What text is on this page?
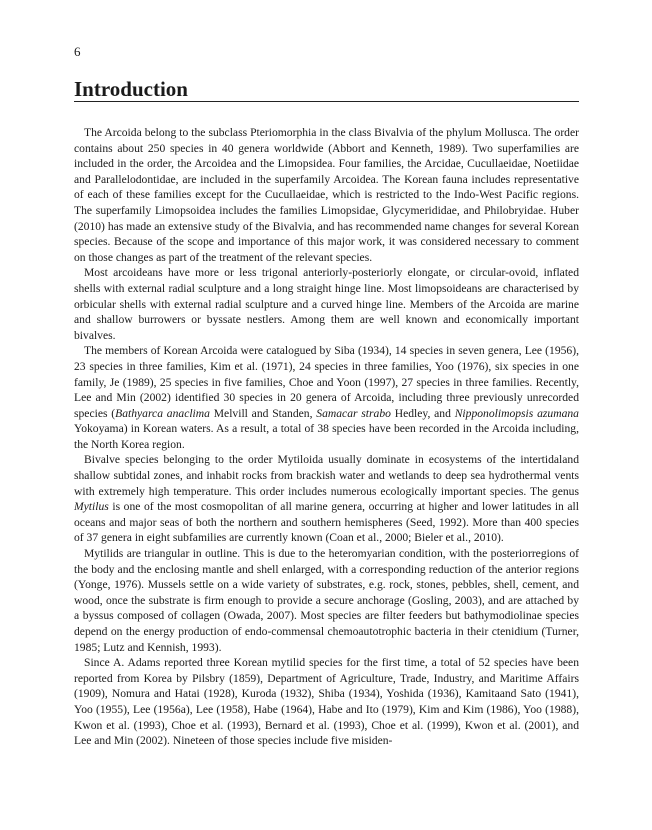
6
Introduction

The Arcoida belong to the subclass Pteriomorphia in the class Bivalvia of the phylum Mollusca. The order contains about 250 species in 40 genera worldwide (Abbort and Kenneth, 1989). Two superfamilies are included in the order, the Arcoidea and the Limopsidea. Four families, the Arcidae, Cucullaeidae, Noetiidae and Parallelodontidae, are included in the superfamily Arcoidea. The Korean fauna includes representative of each of these families except for the Cucullaeidae, which is restricted to the Indo-West Pacific regions. The superfamily Limopsoidea includes the families Limopsidae, Glycymerididae, and Philobryidae. Huber (2010) has made an extensive study of the Bivalvia, and has recommended name changes for several Korean species. Because of the scope and importance of this major work, it was considered necessary to comment on those changes as part of the treatment of the relevant species.

Most arcoideans have more or less trigonal anteriorly-posteriorly elongate, or circular-ovoid, inflated shells with external radial sculpture and a long straight hinge line. Most limopsoideans are characterised by orbicular shells with external radial sculpture and a curved hinge line. Members of the Arcoida are marine and shallow burrowers or byssate nestlers. Among them are well known and economically important bivalves.

The members of Korean Arcoida were catalogued by Siba (1934), 14 species in seven genera, Lee (1956), 23 species in three families, Kim et al. (1971), 24 species in three families, Yoo (1976), six species in one family, Je (1989), 25 species in five families, Choe and Yoon (1997), 27 species in three families. Recently, Lee and Min (2002) identified 30 species in 20 genera of Arcoida, including three previously unrecorded species (Bathyarca anaclima Melvill and Standen, Samacar strabo Hedley, and Nipponolimopsis azumana Yokoyama) in Korean waters. As a result, a total of 38 species have been recorded in the Arcoida including, the North Korea region.

Bivalve species belonging to the order Mytiloida usually dominate in ecosystems of the intertidaland shallow subtidal zones, and inhabit rocks from brackish water and wetlands to deep sea hydrothermal vents with extremely high temperature. This order includes numerous ecologically important species. The genus Mytilus is one of the most cosmopolitan of all marine genera, occurring at higher and lower latitudes in all oceans and major seas of both the northern and southern hemispheres (Seed, 1992). More than 400 species of 37 genera in eight subfamilies are currently known (Coan et al., 2000; Bieler et al., 2010).

Mytilids are triangular in outline. This is due to the heteromyarian condition, with the posteriorregions of the body and the enclosing mantle and shell enlarged, with a corresponding reduction of the anterior regions (Yonge, 1976). Mussels settle on a wide variety of substrates, e.g. rock, stones, pebbles, shell, cement, and wood, once the substrate is firm enough to provide a secure anchorage (Gosling, 2003), and are attached by a byssus composed of collagen (Owada, 2007). Most species are filter feeders but bathymodiolinae species depend on the energy production of endo-commensal chemoautotrophic bacteria in their ctenidium (Turner, 1985; Lutz and Kennish, 1993).

Since A. Adams reported three Korean mytilid species for the first time, a total of 52 species have been reported from Korea by Pilsbry (1859), Department of Agriculture, Trade, Industry, and Maritime Affairs (1909), Nomura and Hatai (1928), Kuroda (1932), Shiba (1934), Yoshida (1936), Kamitaand Sato (1941), Yoo (1955), Lee (1956a), Lee (1958), Habe (1964), Habe and Ito (1979), Kim and Kim (1986), Yoo (1988), Kwon et al. (1993), Choe et al. (1993), Bernard et al. (1993), Choe et al. (1999), Kwon et al. (2001), and Lee and Min (2002). Nineteen of those species include five misiden-
